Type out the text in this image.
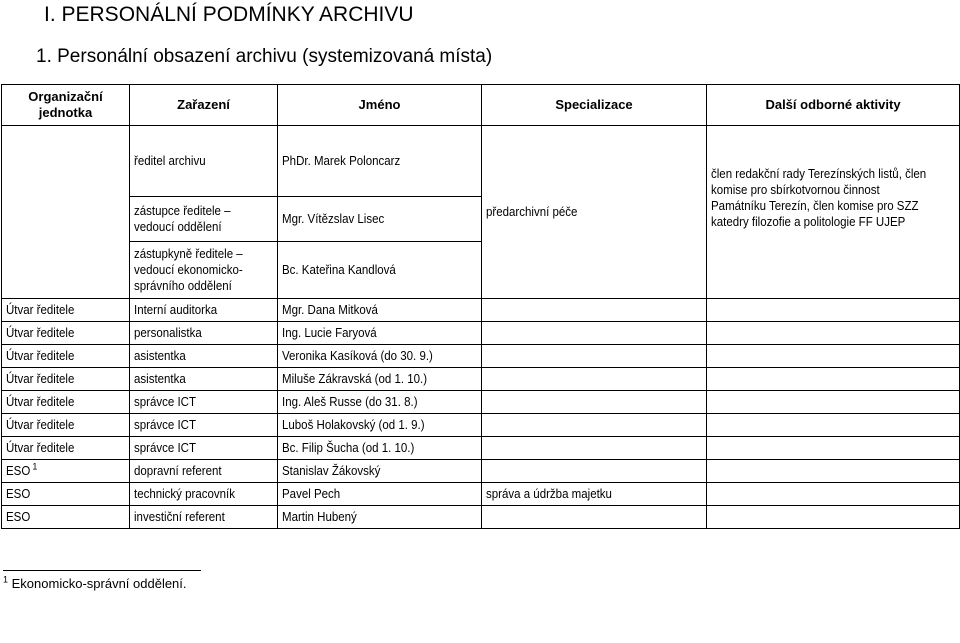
I. PERSONÁLNÍ PODMÍNKY ARCHIVU
1. Personální obsazení archivu (systemizovaná místa)
Organizační jednotka	Zařazení	Jméno	Specializace	Další odborné aktivity

	ředitel archivu	PhDr. Marek Poloncarz	předarchivní péče	člen redakční rady Terezínských listů, člen komise pro sbírkotvornou činnost Památníku Terezín, člen komise pro SZZ katedry filozofie a politologie FF UJEP

	zástupce ředitele – vedoucí oddělení	Mgr. Vítězslav Lisec		

	zástupkyně ředitele – vedoucí ekonomicko-správního oddělení	Bc. Kateřina Kandlová		

Útvar ředitele	Interní auditorka	Mgr. Dana Mitková		

Útvar ředitele	personalistka	Ing. Lucie Faryová		

Útvar ředitele	asistentka	Veronika Kasíková (do 30. 9.)		

Útvar ředitele	asistentka	Miluše Zákravská (od 1. 10.)		

Útvar ředitele	správce ICT	Ing. Aleš Russe (do 31. 8.)		

Útvar ředitele	správce ICT	Luboš Holakovský (od 1. 9.)		

Útvar ředitele	správce ICT	Bc. Filip Šucha (od 1. 10.)		

ESO $^1$	dopravní referent	Stanislav Žákovský		

ESO	technický pracovník	Pavel Pech	správa a údržba majetku	

ESO	investiční referent	Martin Hubený		

$^1$ Ekonomicko-správní oddělení.
